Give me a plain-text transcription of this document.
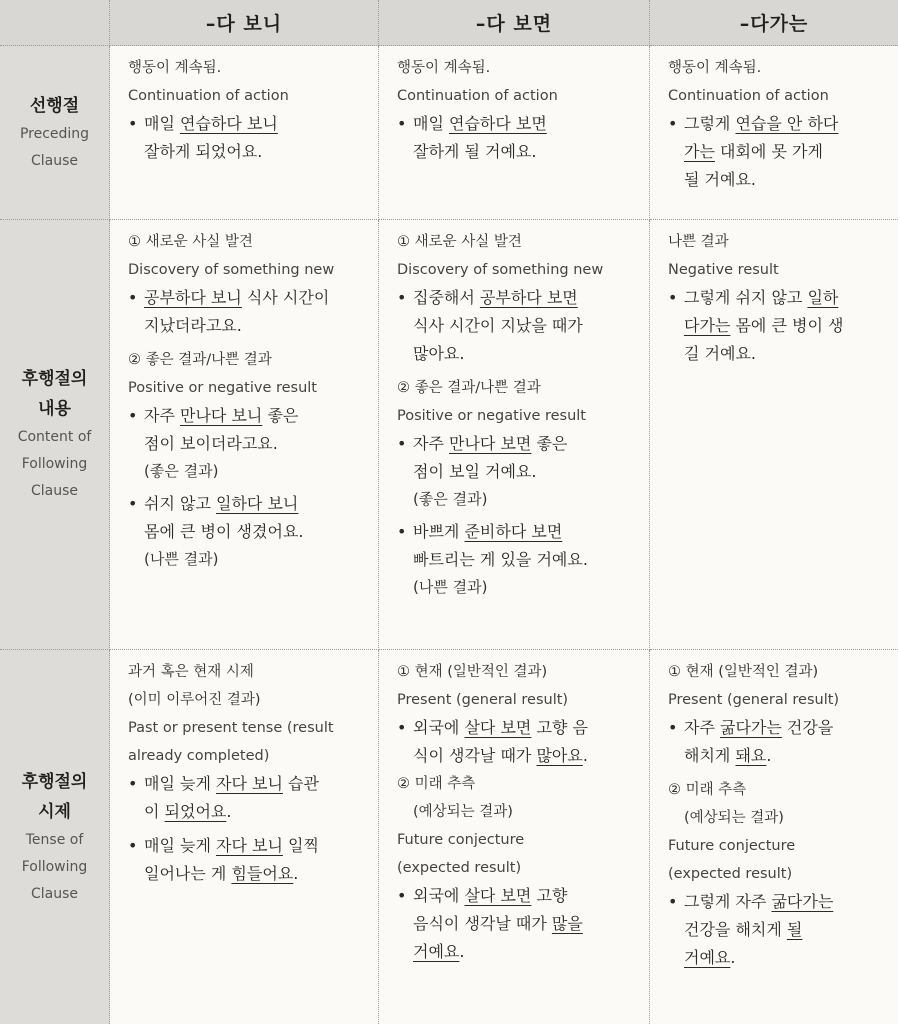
–다 보니	–다 보면	–다가는
선행절
Preceding
Clause
행동이 계속됨.
Continuation of action
• 매일 연습하다 보니
잘하게 되었어요.
행동이 계속됨.
Continuation of action
• 매일 연습하다 보면
잘하게 될 거예요.
행동이 계속됨.
Continuation of action
• 그렇게 연습을 안 하다
가는 대회에 못 가게
될 거예요.
후행절의
내용
Content of
Following
Clause
① 새로운 사실 발견
Discovery of something new
• 공부하다 보니 식사 시간이
지났더라고요.
② 좋은 결과/나쁜 결과
Positive or negative result
• 자주 만나다 보니 좋은
점이 보이더라고요.
(좋은 결과)
• 쉬지 않고 일하다 보니
몸에 큰 병이 생겼어요.
(나쁜 결과)
① 새로운 사실 발견
Discovery of something new
• 집중해서 공부하다 보면
식사 시간이 지났을 때가
많아요.
② 좋은 결과/나쁜 결과
Positive or negative result
• 자주 만나다 보면 좋은
점이 보일 거예요.
(좋은 결과)
• 바쁘게 준비하다 보면
빠트리는 게 있을 거예요.
(나쁜 결과)
나쁜 결과
Negative result
• 그렇게 쉬지 않고 일하
다가는 몸에 큰 병이 생
길 거예요.
후행절의
시제
Tense of
Following
Clause
과거 혹은 현재 시제
(이미 이루어진 결과)
Past or present tense (result
already completed)
• 매일 늦게 자다 보니 습관
이 되었어요.
• 매일 늦게 자다 보니 일찍
일어나는 게 힘들어요.
① 현재 (일반적인 결과)
Present (general result)
• 외국에 살다 보면 고향 음
식이 생각날 때가 많아요.
② 미래 추측
(예상되는 결과)
Future conjecture
(expected result)
• 외국에 살다 보면 고향
음식이 생각날 때가 많을
거예요.
① 현재 (일반적인 결과)
Present (general result)
• 자주 굶다가는 건강을
해치게 돼요.
② 미래 추측
(예상되는 결과)
Future conjecture
(expected result)
• 그렇게 자주 굶다가는
건강을 해치게 될
거예요.
